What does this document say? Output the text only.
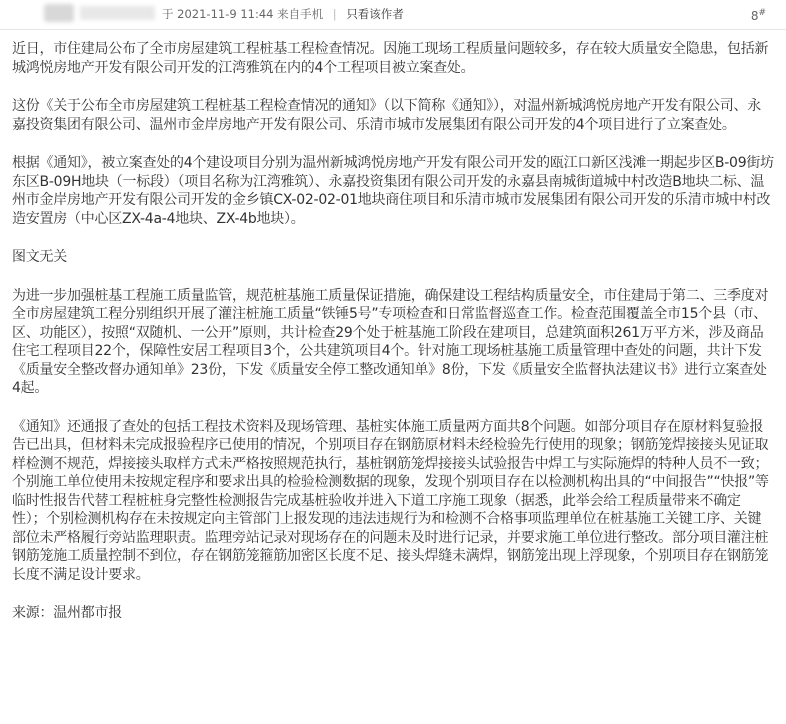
于 2021-11-9 11:44 来自手机 | 只看该作者	8#

近日，市住建局公布了全市房屋建筑工程桩基工程检查情况。因施工现场工程质量问题较多，存在较大质量安全隐患，包括新城鸿悦房地产开发有限公司开发的江湾雅筑在内的4个工程项目被立案查处。

这份《关于公布全市房屋建筑工程桩基工程检查情况的通知》（以下简称《通知》），对温州新城鸿悦房地产开发有限公司、永嘉投资集团有限公司、温州市金岸房地产开发有限公司、乐清市城市发展集团有限公司开发的4个项目进行了立案查处。

根据《通知》，被立案查处的4个建设项目分别为温州新城鸿悦房地产开发有限公司开发的瓯江口新区浅滩一期起步区B-09街坊东区B-09H地块（一标段）（项目名称为江湾雅筑）、永嘉投资集团有限公司开发的永嘉县南城街道城中村改造B地块二标、温州市金岸房地产开发有限公司开发的金乡镇CX-02-02-01地块商住项目和乐清市城市发展集团有限公司开发的乐清市城中村改造安置房（中心区ZX-4a-4地块、ZX-4b地块）。

图文无关

为进一步加强桩基工程施工质量监管，规范桩基施工质量保证措施，确保建设工程结构质量安全，市住建局于第二、三季度对全市房屋建筑工程分别组织开展了灌注桩施工质量“铁锤5号”专项检查和日常监督巡查工作。检查范围覆盖全市15个县（市、区、功能区），按照“双随机、一公开”原则，共计检查29个处于桩基施工阶段在建项目，总建筑面积261万平方米，涉及商品住宅工程项目22个，保障性安居工程项目3个，公共建筑项目4个。针对施工现场桩基施工质量管理中查处的问题，共计下发《质量安全整改督办通知单》23份，下发《质量安全停工整改通知单》8份，下发《质量安全监督执法建议书》进行立案查处4起。

《通知》还通报了查处的包括工程技术资料及现场管理、基桩实体施工质量两方面共8个问题。如部分项目存在原材料复验报告已出具，但材料未完成报验程序已使用的情况，个别项目存在钢筋原材料未经检验先行使用的现象；钢筋笼焊接接头见证取样检测不规范，焊接接头取样方式未严格按照规范执行，基桩钢筋笼焊接接头试验报告中焊工与实际施焊的特种人员不一致；个别施工单位使用未按规定程序和要求出具的检验检测数据的现象，发现个别项目存在以检测机构出具的“中间报告”“快报”等临时性报告代替工程桩桩身完整性检测报告完成基桩验收并进入下道工序施工现象（据悉，此举会给工程质量带来不确定性）；个别检测机构存在未按规定向主管部门上报发现的违法违规行为和检测不合格事项监理单位在桩基施工关键工序、关键部位未严格履行旁站监理职责。监理旁站记录对现场存在的问题未及时进行记录，并要求施工单位进行整改。部分项目灌注桩钢筋笼施工质量控制不到位，存在钢筋笼箍筋加密区长度不足、接头焊缝未满焊，钢筋笼出现上浮现象，个别项目存在钢筋笼长度不满足设计要求。

来源：温州都市报
